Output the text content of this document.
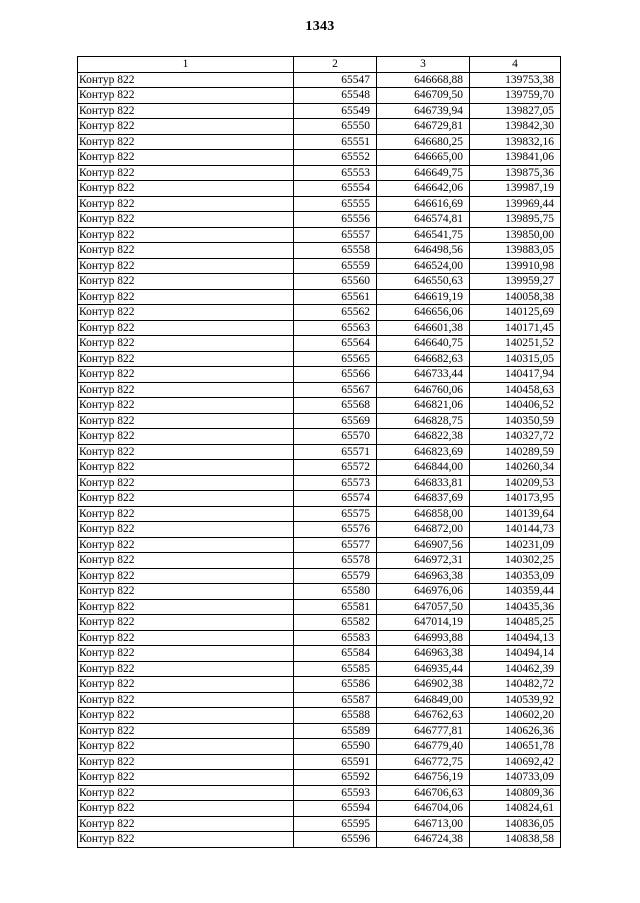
1343
1	2	3	4
Контур 822	65547	646668,88	139753,38
Контур 822	65548	646709,50	139759,70
Контур 822	65549	646739,94	139827,05
Контур 822	65550	646729,81	139842,30
Контур 822	65551	646680,25	139832,16
Контур 822	65552	646665,00	139841,06
Контур 822	65553	646649,75	139875,36
Контур 822	65554	646642,06	139987,19
Контур 822	65555	646616,69	139969,44
Контур 822	65556	646574,81	139895,75
Контур 822	65557	646541,75	139850,00
Контур 822	65558	646498,56	139883,05
Контур 822	65559	646524,00	139910,98
Контур 822	65560	646550,63	139959,27
Контур 822	65561	646619,19	140058,38
Контур 822	65562	646656,06	140125,69
Контур 822	65563	646601,38	140171,45
Контур 822	65564	646640,75	140251,52
Контур 822	65565	646682,63	140315,05
Контур 822	65566	646733,44	140417,94
Контур 822	65567	646760,06	140458,63
Контур 822	65568	646821,06	140406,52
Контур 822	65569	646828,75	140350,59
Контур 822	65570	646822,38	140327,72
Контур 822	65571	646823,69	140289,59
Контур 822	65572	646844,00	140260,34
Контур 822	65573	646833,81	140209,53
Контур 822	65574	646837,69	140173,95
Контур 822	65575	646858,00	140139,64
Контур 822	65576	646872,00	140144,73
Контур 822	65577	646907,56	140231,09
Контур 822	65578	646972,31	140302,25
Контур 822	65579	646963,38	140353,09
Контур 822	65580	646976,06	140359,44
Контур 822	65581	647057,50	140435,36
Контур 822	65582	647014,19	140485,25
Контур 822	65583	646993,88	140494,13
Контур 822	65584	646963,38	140494,14
Контур 822	65585	646935,44	140462,39
Контур 822	65586	646902,38	140482,72
Контур 822	65587	646849,00	140539,92
Контур 822	65588	646762,63	140602,20
Контур 822	65589	646777,81	140626,36
Контур 822	65590	646779,40	140651,78
Контур 822	65591	646772,75	140692,42
Контур 822	65592	646756,19	140733,09
Контур 822	65593	646706,63	140809,36
Контур 822	65594	646704,06	140824,61
Контур 822	65595	646713,00	140836,05
Контур 822	65596	646724,38	140838,58
